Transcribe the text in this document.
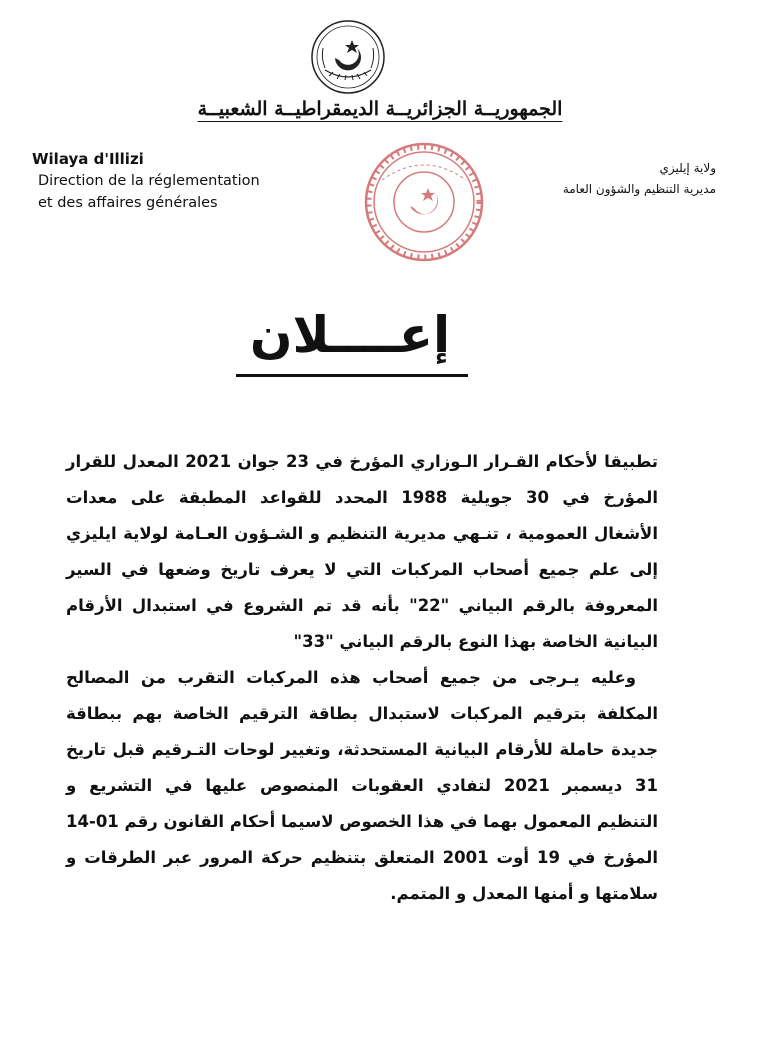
الجمهوريــة الجزائريــة الديمقراطيــة الشعبيــة
Wilaya d'Illizi
Direction de la réglementation
et des affaires générales
ولاية إيليزي
مديرية التنظيم والشؤون العامة
إعــــلان

تطبيقا لأحكام القـرار الـوزاري المؤرخ في 23 جوان 2021 المعدل للقرار المؤرخ في 30 جويلية 1988 المحدد للقواعد المطبقة على معدات الأشغال العمومية ، تنـهي مديرية التنظيم و الشـؤون العـامة لولاية ايليزي إلى علم جميع أصحاب المركبات التي لا يعرف تاريخ وضعها في السير المعروفة بالرقم البياني "22" بأنه قد تم الشروع في استبدال الأرقام البيانية الخاصة بهذا النوع بالرقم البياني "33"

وعليه يـرجى من جميع أصحاب هذه المركبات التقرب من المصالح المكلفة بترقيم المركبات لاستبدال بطاقة الترقيم الخاصة بهم ببطاقة جديدة حاملة للأرقام البيانية المستحدثة، وتغيير لوحات التـرقيم قبل تاريخ 31 ديسمبر 2021 لتفادي العقوبات المنصوص عليها في التشريع و التنظيم المعمول بهما في هذا الخصوص لاسيما أحكام القانون رقم 01-14 المؤرخ في 19 أوت 2001 المتعلق بتنظيم حركة المرور عبر الطرقات و سلامتها و أمنها المعدل و المتمم.
